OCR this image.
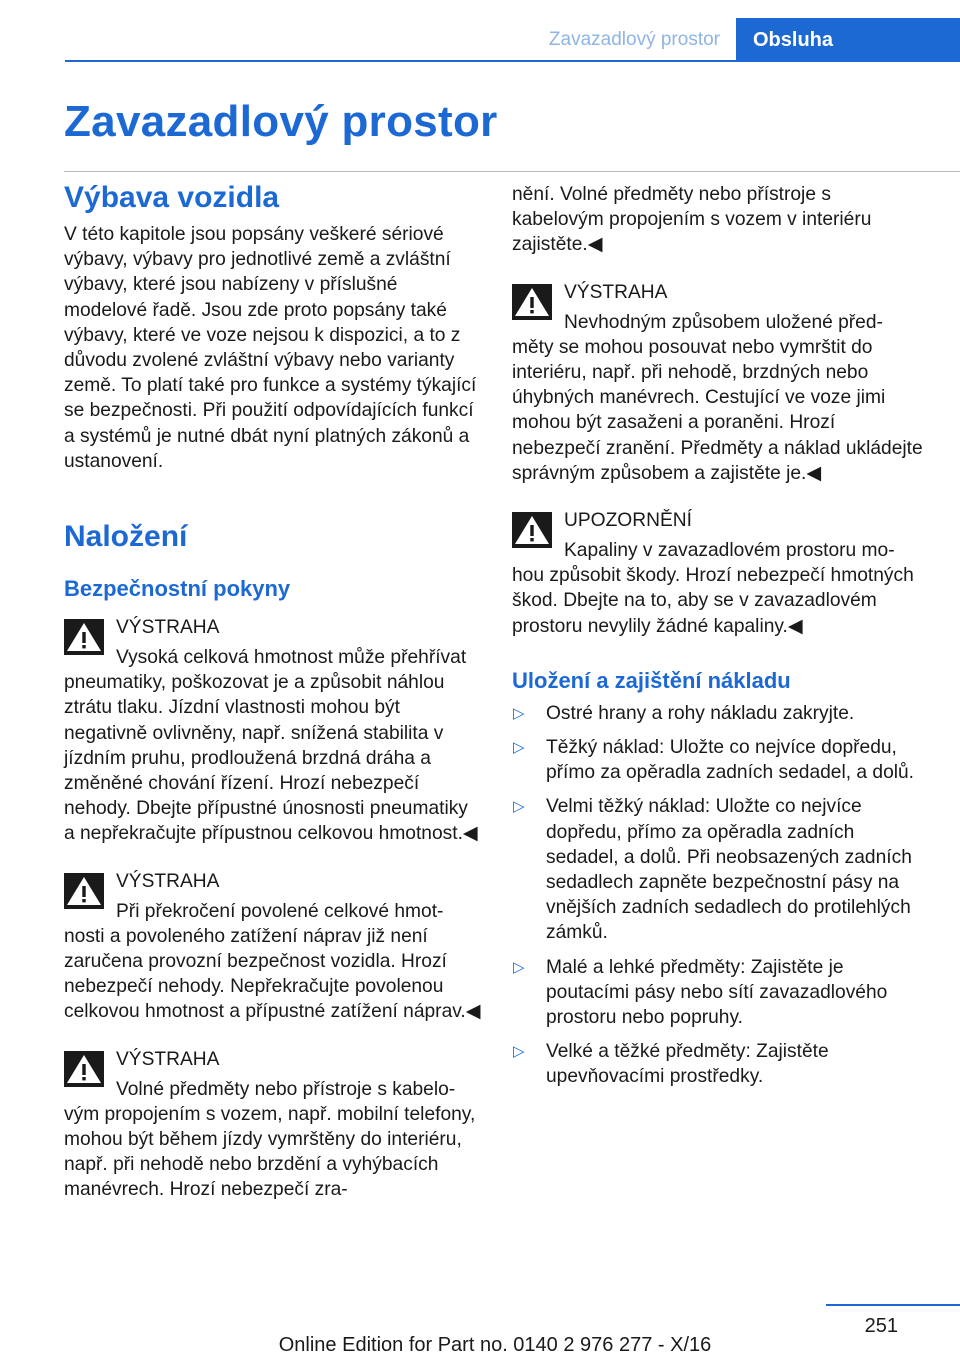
Zavazadlový prostor	Obsluha
Zavazadlový prostor
Výbava vozidla

V této kapitole jsou popsány veškeré sériové výbavy, výbavy pro jednotlivé země a zvláštní výbavy, které jsou nabízeny v příslušné modelové řadě. Jsou zde proto popsány také výbavy, které ve voze nejsou k dispozici, a to z důvodu zvolené zvláštní výbavy nebo varianty země. To platí také pro funkce a systémy týkající se bezpečnosti. Při použití odpovídajících funkcí a systémů je nutné dbát nyní platných zákonů a ustanovení.

Naložení
Bezpečnostní pokyny
VÝSTRAHA
Vysoká celková hmotnost může přehřívat
pneumatiky, poškozovat je a způsobit náhlou ztrátu tlaku. Jízdní vlastnosti mohou být negativně ovlivněny, např. snížená stabilita v jízdním pruhu, prodloužená brzdná dráha a změněné chování řízení. Hrozí nebezpečí nehody. Dbejte přípustné únosnosti pneumatiky a nepřekračujte přípustnou celkovou hmotnost.◀
VÝSTRAHA
Při překročení povolené celkové hmot-
nosti a povoleného zatížení náprav již není zaručena provozní bezpečnost vozidla. Hrozí nebezpečí nehody. Nepřekračujte povolenou celkovou hmotnost a přípustné zatížení náprav.◀
VÝSTRAHA
Volné předměty nebo přístroje s kabelo-
vým propojením s vozem, např. mobilní telefony, mohou být během jízdy vymrštěny do interiéru, např. při nehodě nebo brzdění a vyhýbacích manévrech. Hrozí nebezpečí zra-

nění. Volné předměty nebo přístroje s kabelovým propojením s vozem v interiéru zajistěte.◀

VÝSTRAHA
Nevhodným způsobem uložené před-
měty se mohou posouvat nebo vymrštit do interiéru, např. při nehodě, brzdných nebo úhybných manévrech. Cestující ve voze jimi mohou být zasaženi a poraněni. Hrozí nebezpečí zranění. Předměty a náklad ukládejte správným způsobem a zajistěte je.◀
UPOZORNĚNÍ
Kapaliny v zavazadlovém prostoru mo-
hou způsobit škody. Hrozí nebezpečí hmotných škod. Dbejte na to, aby se v zavazadlovém prostoru nevylily žádné kapaliny.◀
Uložení a zajištění nákladu
▷ Ostré hrany a rohy nákladu zakryjte.
▷ Těžký náklad: Uložte co nejvíce dopředu, přímo za opěradla zadních sedadel, a dolů.
▷ Velmi těžký náklad: Uložte co nejvíce dopředu, přímo za opěradla zadních sedadel, a dolů. Při neobsazených zadních sedadlech zapněte bezpečnostní pásy na vnějších zadních sedadlech do protilehlých zámků.
▷ Malé a lehké předměty: Zajistěte je poutacími pásy nebo sítí zavazadlového prostoru nebo popruhy.
▷ Velké a těžké předměty: Zajistěte upevňovacími prostředky.
251
Online Edition for Part no. 0140 2 976 277 - X/16
